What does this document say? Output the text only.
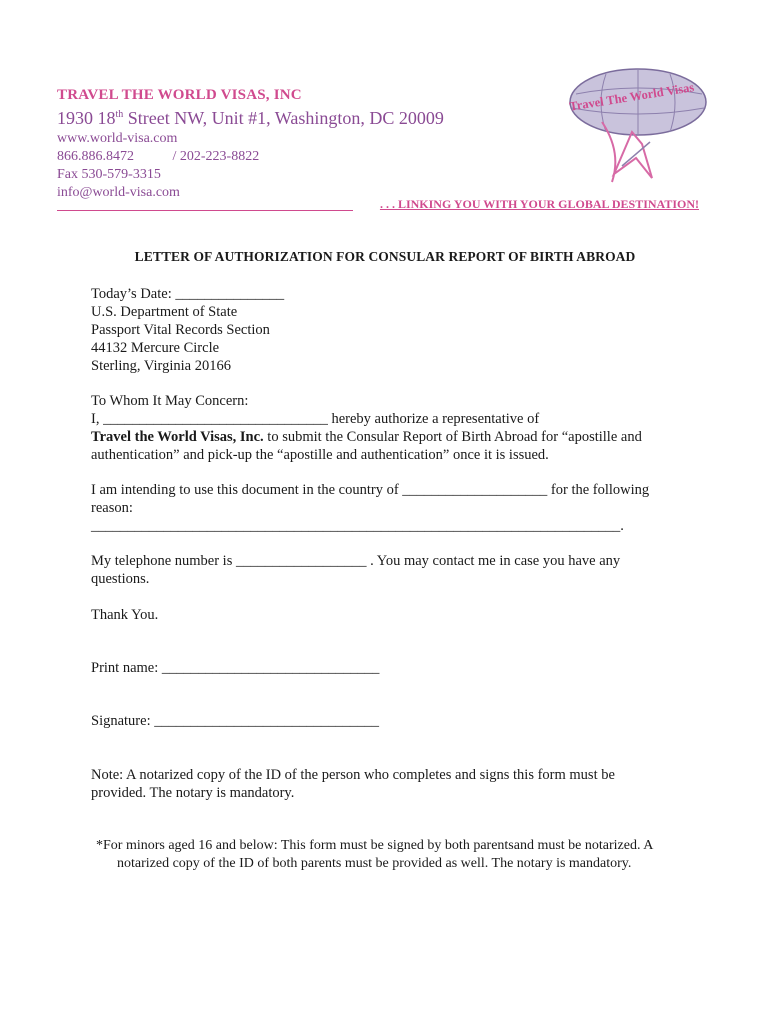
TRAVEL THE WORLD VISAS, INC
1930 18th Street NW, Unit #1, Washington, DC 20009
www.world-visa.com
866.886.8472           / 202-223-8822
Fax 530-579-3315
info@world-visa.com
. . . LINKING YOU WITH YOUR GLOBAL DESTINATION!
Travel The World Visas
LETTER OF AUTHORIZATION FOR CONSULAR REPORT OF BIRTH ABROAD
Today’s Date: _______________
U.S. Department of State
Passport Vital Records Section
44132 Mercure Circle
Sterling, Virginia 20166
To Whom It May Concern:
I, _______________________________ hereby authorize a representative of
Travel the World Visas, Inc. to submit the Consular Report of Birth Abroad for “apostille and
authentication” and pick-up the “apostille and authentication” once it is issued.
I am intending to use this document in the country of ____________________ for the following
reason:
_________________________________________________________________________.
My telephone number is __________________ . You may contact me in case you have any
questions.
Thank You.
Print name: ______________________________
Signature: _______________________________
Note: A notarized copy of the ID of the person who completes and signs this form must be
provided. The notary is mandatory.
*For minors aged 16 and below: This form must be signed by both parentsand must be notarized. A
notarized copy of the ID of both parents must be provided as well. The notary is mandatory.
